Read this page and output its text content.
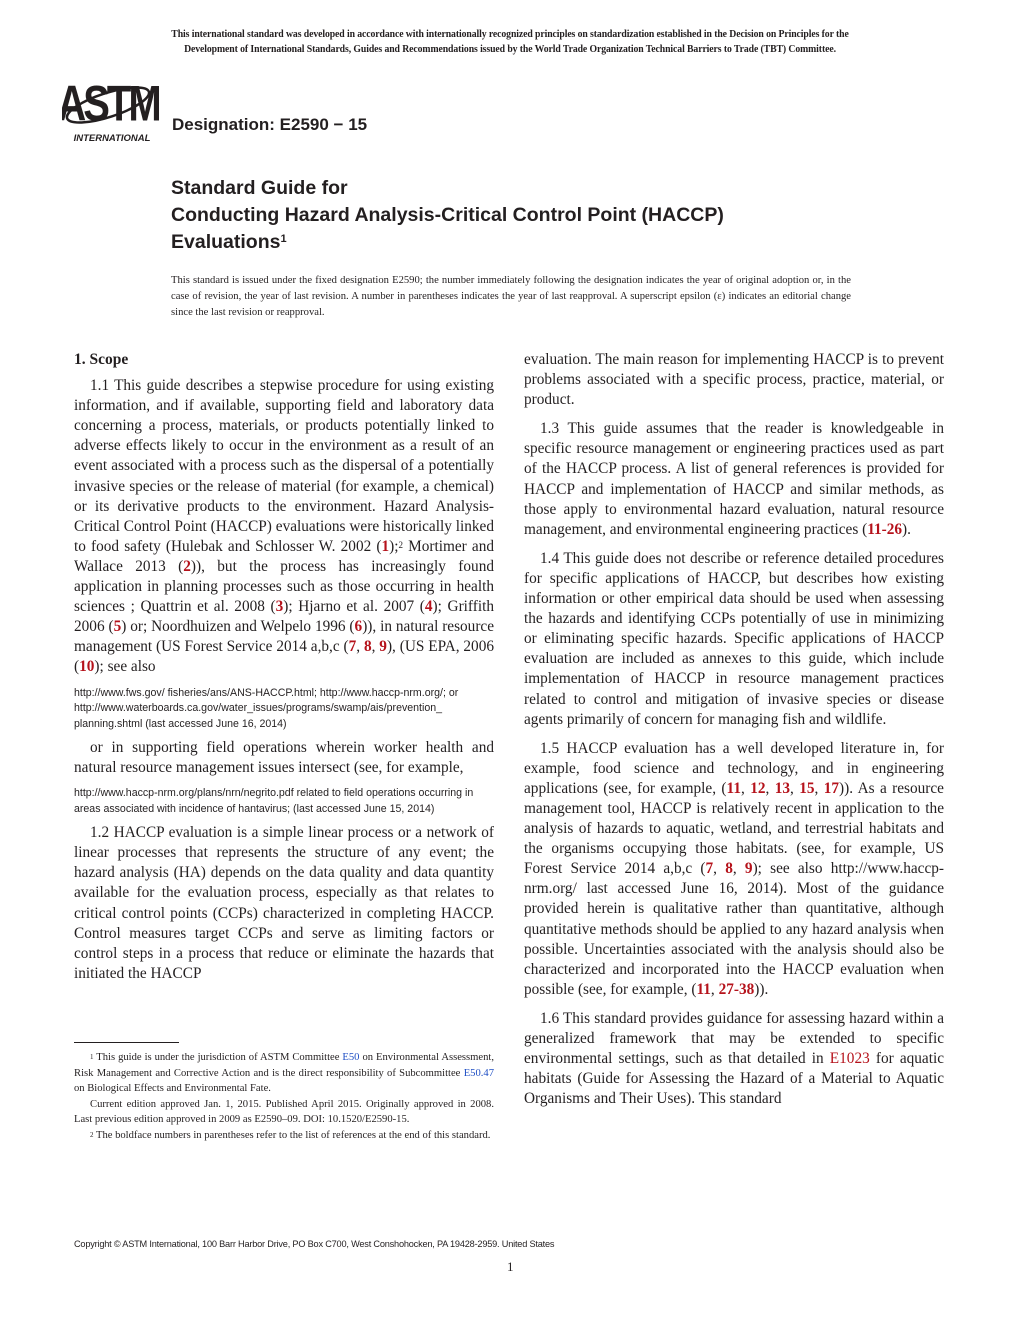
This international standard was developed in accordance with internationally recognized principles on standardization established in the Decision on Principles for the
Development of International Standards, Guides and Recommendations issued by the World Trade Organization Technical Barriers to Trade (TBT) Committee.
ASTM
INTERNATIONAL
Designation: E2590 − 15
Standard Guide for
Conducting Hazard Analysis-Critical Control Point (HACCP)
Evaluations$^1$
This standard is issued under the fixed designation E2590; the number immediately following the designation indicates the year of original adoption or, in the case of revision, the year of last revision. A number in parentheses indicates the year of last reapproval. A superscript epsilon (ε) indicates an editorial change since the last revision or reapproval.

1. Scope

1.1 This guide describes a stepwise procedure for using existing information, and if available, supporting field and laboratory data concerning a process, materials, or products potentially linked to adverse effects likely to occur in the environment as a result of an event associated with a process such as the dispersal of a potentially invasive species or the release of material (for example, a chemical) or its derivative products to the environment. Hazard Analysis-Critical Control Point (HACCP) evaluations were historically linked to food safety (Hulebak and Schlosser W. 2002 (1);$^2$ Mortimer and Wallace 2013 (2)), but the process has increasingly found application in planning processes such as those occurring in health sciences ; Quattrin et al. 2008 (3); Hjarno et al. 2007 (4); Griffith 2006 (5) or; Noordhuizen and Welpelo 1996 (6)), in natural resource management (US Forest Service 2014 a,b,c (7, 8, 9), (US EPA, 2006 (10); see also

http://www.fws.gov/ fisheries/ans/ANS-HACCP.html; http://www.haccp-nrm.org/; or http://www.waterboards.ca.gov/water_issues/programs/swamp/ais/prevention_ planning.shtml (last accessed June 16, 2014)

or in supporting field operations wherein worker health and natural resource management issues intersect (see, for example,

http://www.haccp-nrm.org/plans/nrn/negrito.pdf related to field operations occurring in areas associated with incidence of hantavirus; (last accessed June 15, 2014)

1.2 HACCP evaluation is a simple linear process or a network of linear processes that represents the structure of any event; the hazard analysis (HA) depends on the data quality and data quantity available for the evaluation process, especially as that relates to critical control points (CCPs) characterized in completing HACCP. Control measures target CCPs and serve as limiting factors or control steps in a process that reduce or eliminate the hazards that initiated the HACCP

$^1$ This guide is under the jurisdiction of ASTM Committee E50 on Environmental Assessment, Risk Management and Corrective Action and is the direct responsibility of Subcommittee E50.47 on Biological Effects and Environmental Fate.

Current edition approved Jan. 1, 2015. Published April 2015. Originally approved in 2008. Last previous edition approved in 2009 as E2590–09. DOI: 10.1520/E2590-15.

$^2$ The boldface numbers in parentheses refer to the list of references at the end of this standard.

evaluation. The main reason for implementing HACCP is to prevent problems associated with a specific process, practice, material, or product.

1.3 This guide assumes that the reader is knowledgeable in specific resource management or engineering practices used as part of the HACCP process. A list of general references is provided for HACCP and implementation of HACCP and similar methods, as those apply to environmental hazard evaluation, natural resource management, and environmental engineering practices (11-26).

1.4 This guide does not describe or reference detailed procedures for specific applications of HACCP, but describes how existing information or other empirical data should be used when assessing the hazards and identifying CCPs potentially of use in minimizing or eliminating specific hazards. Specific applications of HACCP evaluation are included as annexes to this guide, which include implementation of HACCP in resource management practices related to control and mitigation of invasive species or disease agents primarily of concern for managing fish and wildlife.

1.5 HACCP evaluation has a well developed literature in, for example, food science and technology, and in engineering applications (see, for example, (11, 12, 13, 15, 17)). As a resource management tool, HACCP is relatively recent in application to the analysis of hazards to aquatic, wetland, and terrestrial habitats and the organisms occupying those habitats. (see, for example, US Forest Service 2014 a,b,c (7, 8, 9); see also http://www.haccp-nrm.org/ last accessed June 16, 2014). Most of the guidance provided herein is qualitative rather than quantitative, although quantitative methods should be applied to any hazard analysis when possible. Uncertainties associated with the analysis should also be characterized and incorporated into the HACCP evaluation when possible (see, for example, (11, 27-38)).

1.6 This standard provides guidance for assessing hazard within a generalized framework that may be extended to specific environmental settings, such as that detailed in E1023 for aquatic habitats (Guide for Assessing the Hazard of a Material to Aquatic Organisms and Their Uses). This standard

Copyright © ASTM International, 100 Barr Harbor Drive, PO Box C700, West Conshohocken, PA 19428-2959. United States
1
